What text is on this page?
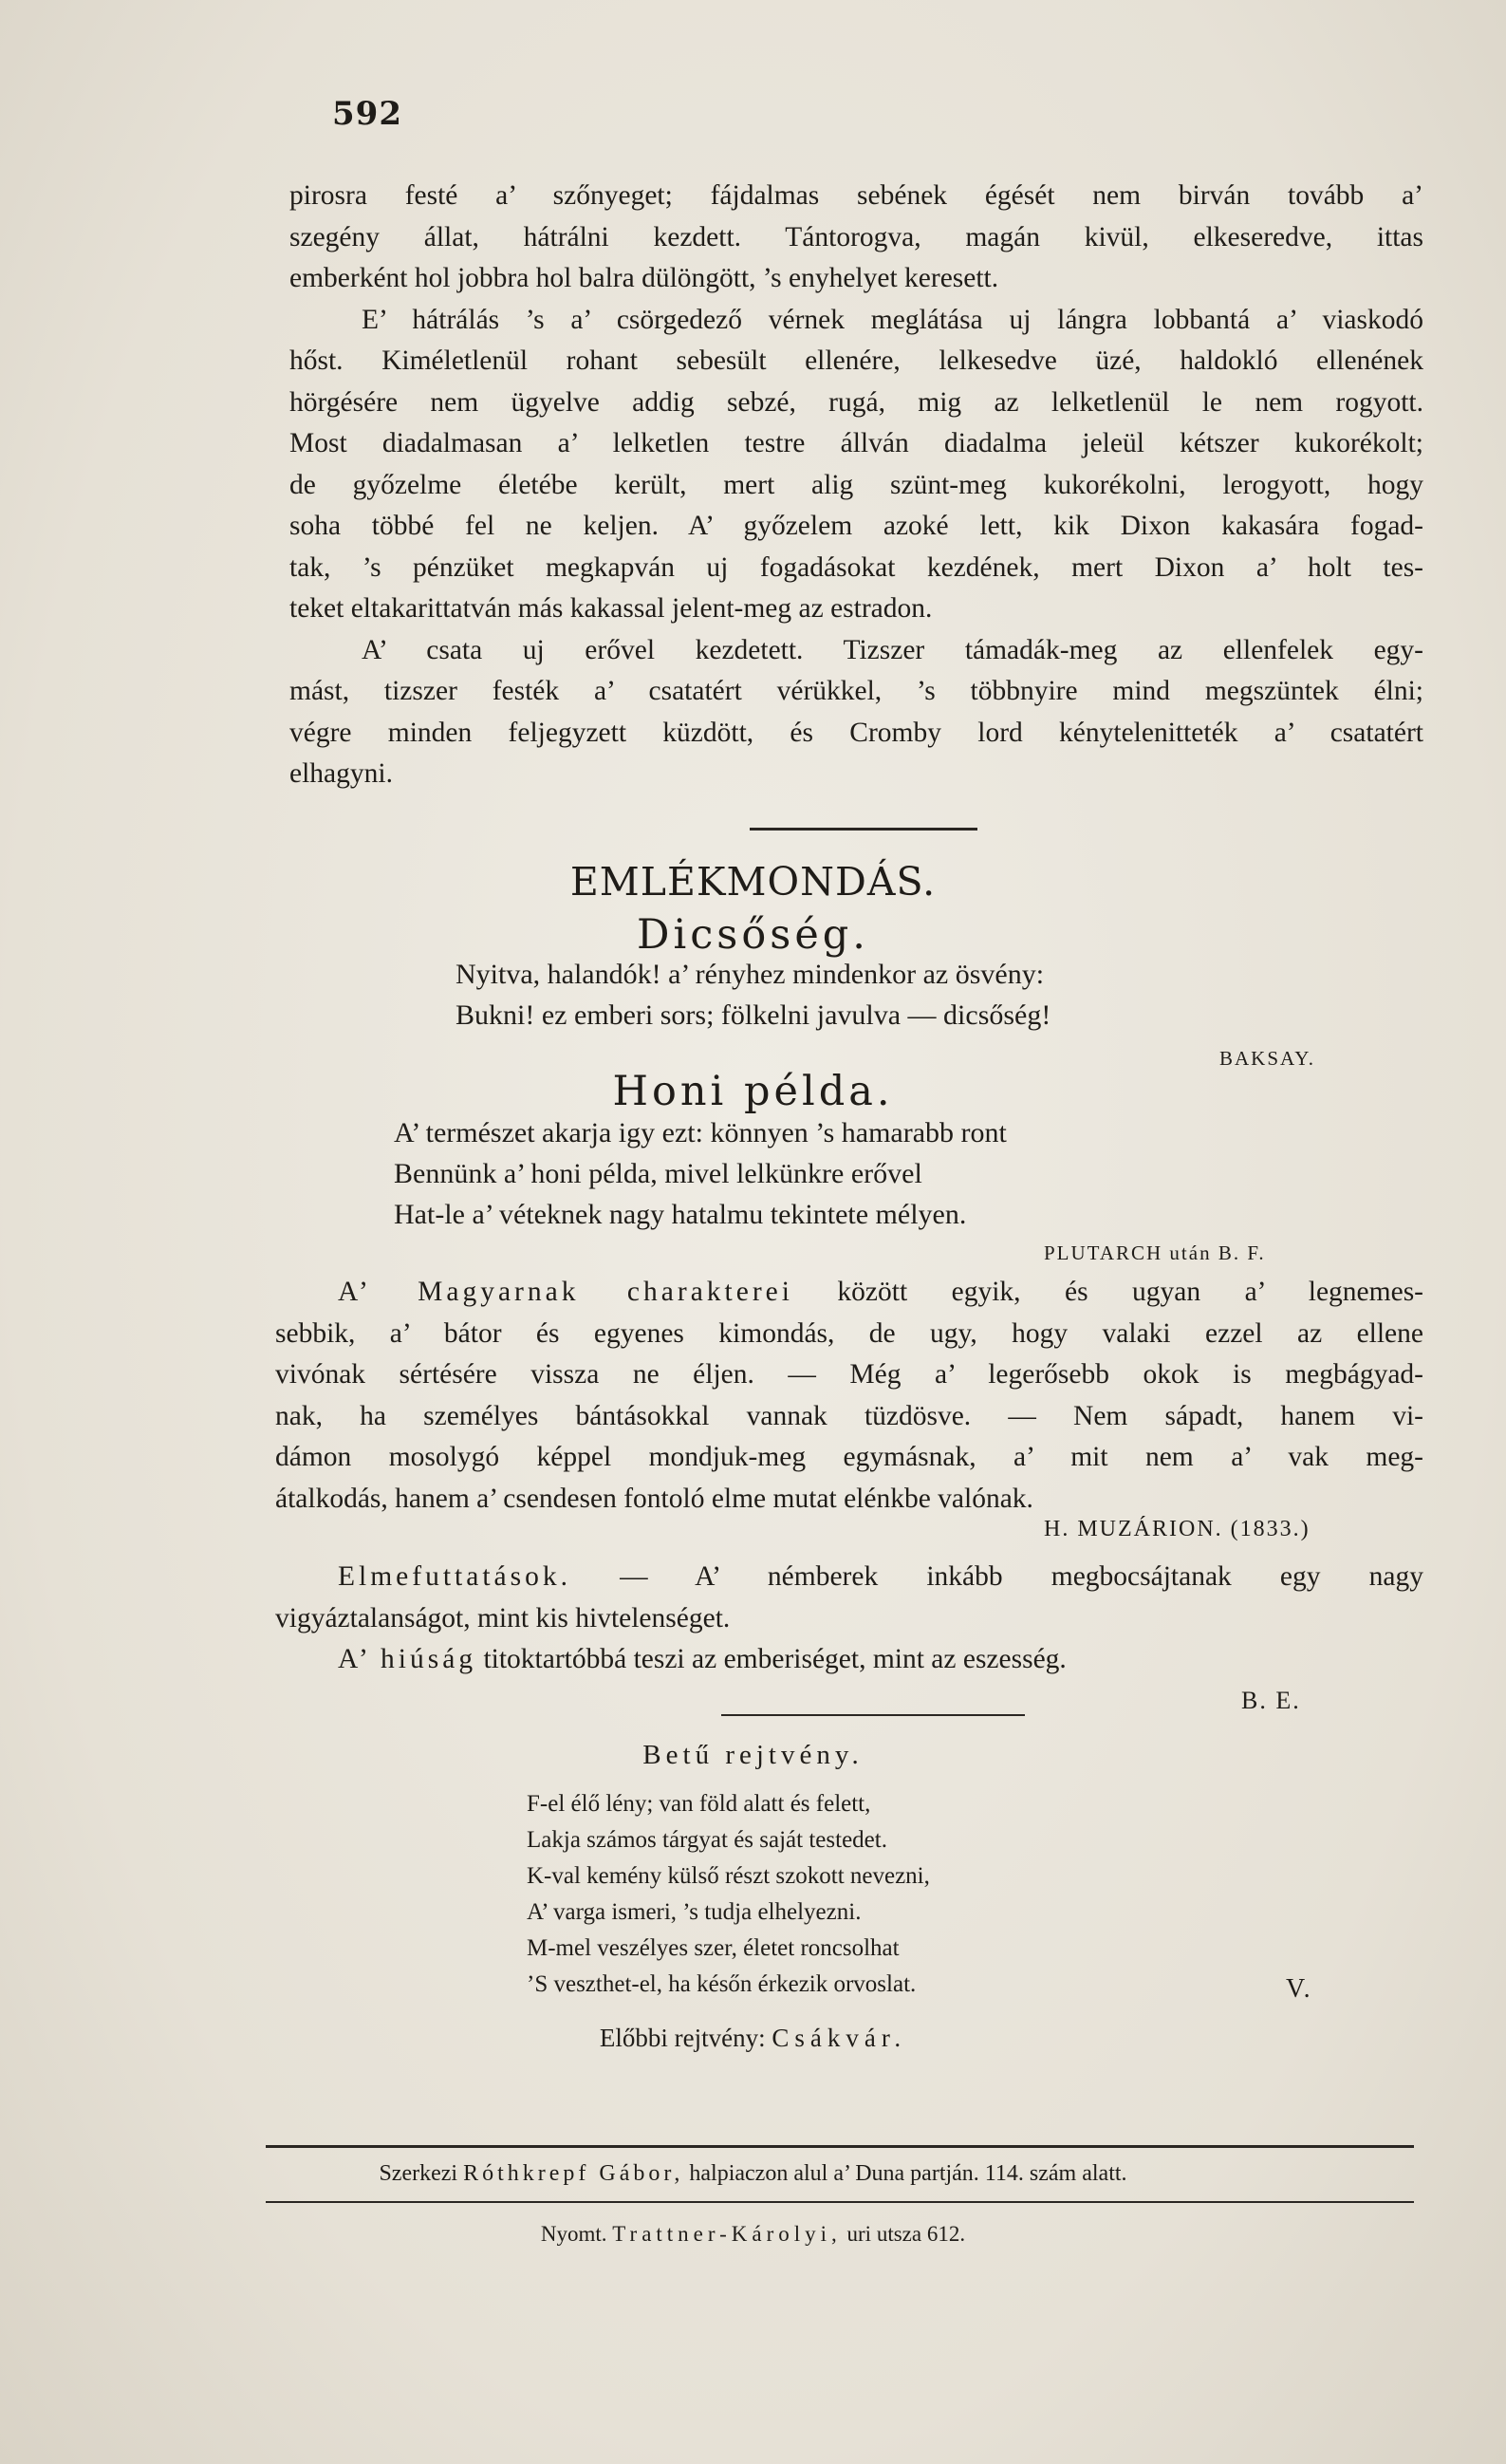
592

pirosra festé a’ szőnyeget; fájdalmas sebének égését nem birván tovább a’

szegény állat, hátrálni kezdett. Tántorogva, magán kivül, elkeseredve, ittas

emberként hol jobbra hol balra dülöngött, ’s enyhelyet keresett.

E’ hátrálás ’s a’ csörgedező vérnek meglátása uj lángra lobbantá a’ viaskodó

hőst. Kiméletlenül rohant sebesült ellenére, lelkesedve üzé, haldokló ellenének

hörgésére nem ügyelve addig sebzé, rugá, mig az lelketlenül le nem rogyott.

Most diadalmasan a’ lelketlen testre állván diadalma jeleül kétszer kukorékolt;

de győzelme életébe került, mert alig szünt-meg kukorékolni, lerogyott, hogy

soha többé fel ne keljen. A’ győzelem azoké lett, kik Dixon kakasára fogad-

tak, ’s pénzüket megkapván uj fogadásokat kezdének, mert Dixon a’ holt tes-

teket eltakarittatván más kakassal jelent-meg az estradon.

A’ csata uj erővel kezdetett. Tizszer támadák-meg az ellenfelek egy-

mást, tizszer festék a’ csatatért vérükkel, ’s többnyire mind megszüntek élni;

végre minden feljegyzett küzdött, és Cromby lord kénytelenitteték a’ csatatért

elhagyni.

EMLÉKMONDÁS.
Dicsőség.
Nyitva, halandók! a’ rényhez mindenkor az ösvény:
Bukni! ez emberi sors; fölkelni javulva — dicsőség!
BAKSAY.
Honi példa.
A’ természet akarja igy ezt: könnyen ’s hamarabb ront
Bennünk a’ honi példa, mivel lelkünkre erővel
Hat-le a’ véteknek nagy hatalmu tekintete mélyen.
PLUTARCH után B. F.

A’ Magyarnak charakterei között egyik, és ugyan a’ legnemes-

sebbik, a’ bátor és egyenes kimondás, de ugy, hogy valaki ezzel az ellene

vivónak sértésére vissza ne éljen. — Még a’ legerősebb okok is megbágyad-

nak, ha személyes bántásokkal vannak tüzdösve. — Nem sápadt, hanem vi-

dámon mosolygó képpel mondjuk-meg egymásnak, a’ mit nem a’ vak meg-

átalkodás, hanem a’ csendesen fontoló elme mutat elénkbe valónak.

H. MUZÁRION. (1833.)

Elmefuttatások. — A’ némberek inkább megbocsájtanak egy nagy

vigyáztalanságot, mint kis hivtelenséget.

A’ hiúság titoktartóbbá teszi az emberiséget, mint az eszesség.

B. E.
Betű rejtvény.
F-el élő lény; van föld alatt és felett,
Lakja számos tárgyat és saját testedet.
K-val kemény külső részt szokott nevezni,
A’ varga ismeri, ’s tudja elhelyezni.
M-mel veszélyes szer, életet roncsolhat
’S veszthet-el, ha későn érkezik orvoslat.	V.
Előbbi rejtvény: Csákvár.
Szerkezi Róthkrepf Gábor, halpiaczon alul a’ Duna partján. 114. szám alatt.
Nyomt. Trattner-Károlyi, uri utsza 612.
